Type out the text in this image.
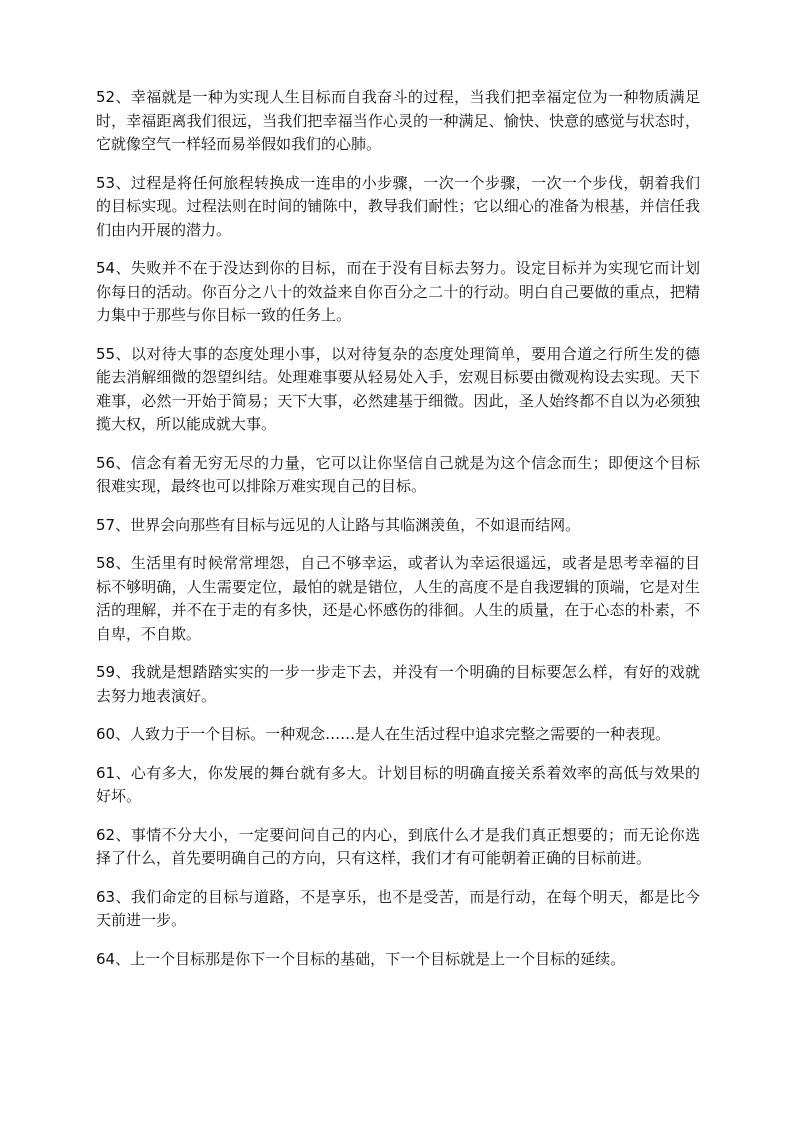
52、幸福就是一种为实现人生目标而自我奋斗的过程，当我们把幸福定位为一种物质满足时，幸福距离我们很远，当我们把幸福当作心灵的一种满足、愉快、快意的感觉与状态时，它就像空气一样轻而易举假如我们的心肺。

53、过程是将任何旅程转换成一连串的小步骤，一次一个步骤，一次一个步伐，朝着我们的目标实现。过程法则在时间的铺陈中，教导我们耐性；它以细心的准备为根基，并信任我们由内开展的潜力。

54、失败并不在于没达到你的目标，而在于没有目标去努力。设定目标并为实现它而计划你每日的活动。你百分之八十的效益来自你百分之二十的行动。明白自己要做的重点，把精力集中于那些与你目标一致的任务上。

55、以对待大事的态度处理小事，以对待复杂的态度处理简单，要用合道之行所生发的德能去消解细微的怨望纠结。处理难事要从轻易处入手，宏观目标要由微观构设去实现。天下难事，必然一开始于简易；天下大事，必然建基于细微。因此，圣人始终都不自以为必须独揽大权，所以能成就大事。

56、信念有着无穷无尽的力量，它可以让你坚信自己就是为这个信念而生；即便这个目标很难实现，最终也可以排除万难实现自己的目标。

57、世界会向那些有目标与远见的人让路与其临渊羡鱼，不如退而结网。

58、生活里有时候常常埋怨，自己不够幸运，或者认为幸运很遥远，或者是思考幸福的目标不够明确，人生需要定位，最怕的就是错位，人生的高度不是自我逻辑的顶端，它是对生活的理解，并不在于走的有多快，还是心怀感伤的徘徊。人生的质量，在于心态的朴素，不自卑，不自欺。

59、我就是想踏踏实实的一步一步走下去，并没有一个明确的目标要怎么样，有好的戏就去努力地表演好。

60、人致力于一个目标。一种观念……是人在生活过程中追求完整之需要的一种表现。

61、心有多大，你发展的舞台就有多大。计划目标的明确直接关系着效率的高低与效果的好坏。

62、事情不分大小，一定要问问自己的内心，到底什么才是我们真正想要的；而无论你选择了什么，首先要明确自己的方向，只有这样，我们才有可能朝着正确的目标前进。

63、我们命定的目标与道路，不是享乐，也不是受苦，而是行动，在每个明天，都是比今天前进一步。

64、上一个目标那是你下一个目标的基础，下一个目标就是上一个目标的延续。
